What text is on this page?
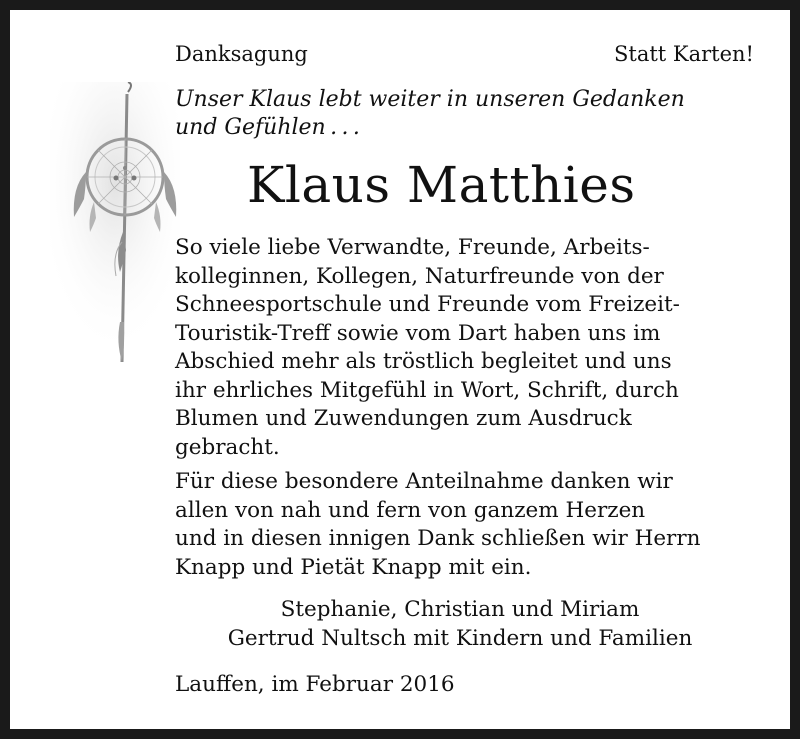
Danksagung	Statt Karten!
Unser Klaus lebt weiter in unseren Gedanken
und Gefühlen . . .
Klaus Matthies
So viele liebe Verwandte, Freunde, Arbeits-
kolleginnen, Kollegen, Naturfreunde von der
Schneesportschule und Freunde vom Freizeit-
Touristik-Treff sowie vom Dart haben uns im
Abschied mehr als tröstlich begleitet und uns
ihr ehrliches Mitgefühl in Wort, Schrift, durch
Blumen und Zuwendungen zum Ausdruck
gebracht.
Für diese besondere Anteilnahme danken wir
allen von nah und fern von ganzem Herzen
und in diesen innigen Dank schließen wir Herrn
Knapp und Pietät Knapp mit ein.
Stephanie, Christian und Miriam
Gertrud Nultsch mit Kindern und Familien
Lauffen, im Februar 2016
